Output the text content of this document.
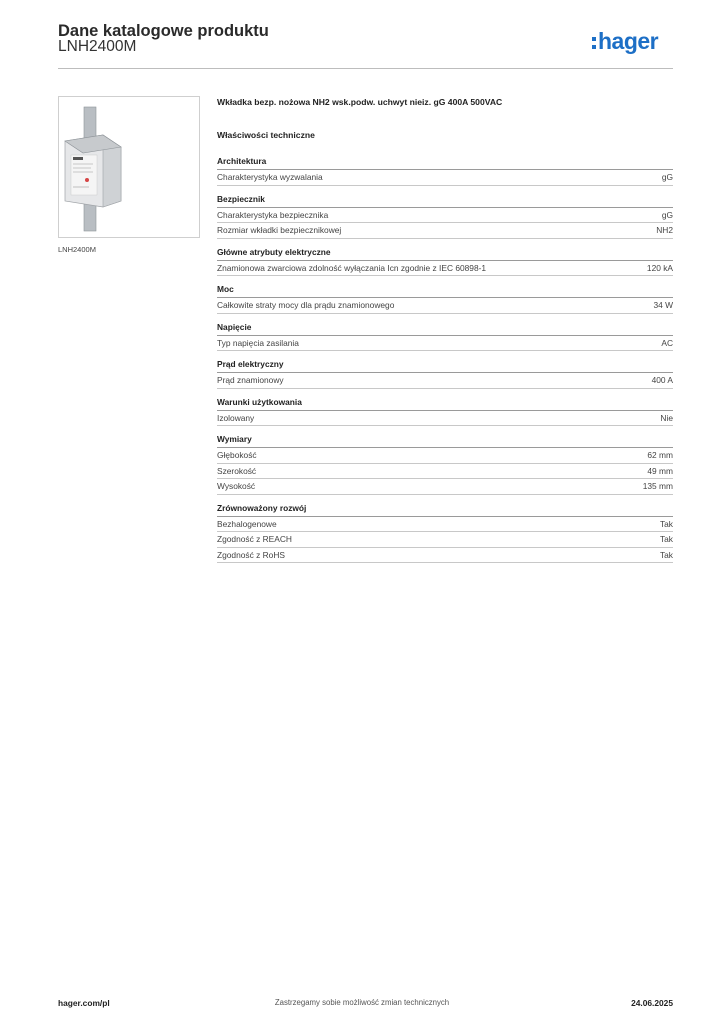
Dane katalogowe produktu
LNH2400M	hager
LNH2400M
Wkładka bezp. nożowa NH2 wsk.podw. uchwyt nieiz. gG 400A 500VAC
Właściwości techniczne
Architektura
Charakterystyka wyzwalania	gG
Bezpiecznik
Charakterystyka bezpiecznika	gG
Rozmiar wkładki bezpiecznikowej	NH2
Główne atrybuty elektryczne
Znamionowa zwarciowa zdolność wyłączania Icn zgodnie z IEC 60898-1	120 kA
Moc
Całkowite straty mocy dla prądu znamionowego	34 W
Napięcie
Typ napięcia zasilania	AC
Prąd elektryczny
Prąd znamionowy	400 A
Warunki użytkowania
Izolowany	Nie
Wymiary
Głębokość	62 mm
Szerokość	49 mm
Wysokość	135 mm
Zrównoważony rozwój
Bezhalogenowe	Tak
Zgodność z REACH	Tak
Zgodność z RoHS	Tak
hager.com/pl	Zastrzegamy sobie możliwość zmian technicznych	24.06.2025
